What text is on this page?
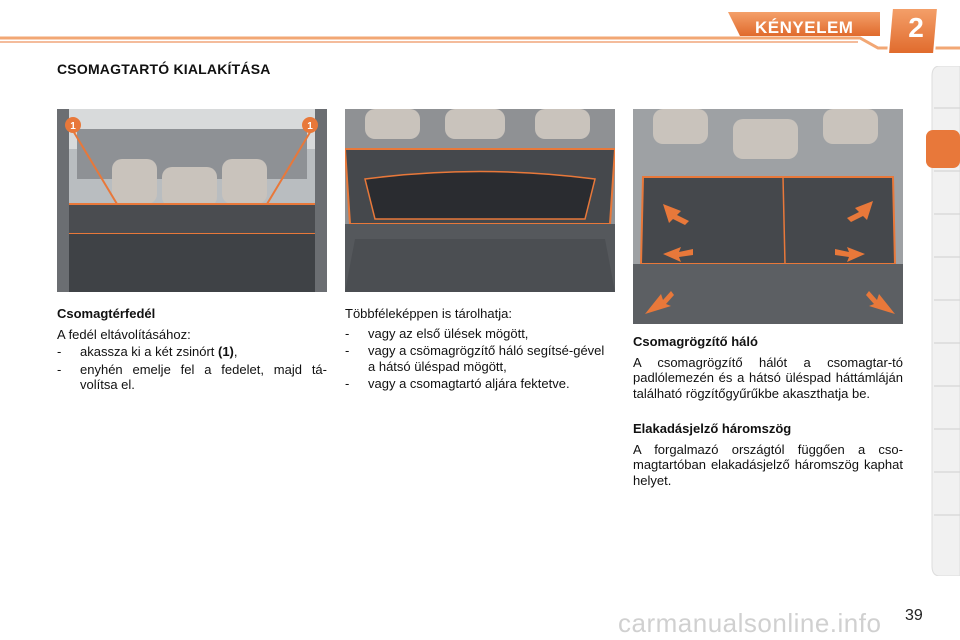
KÉNYELEM	2
CSOMAGTARTÓ KIALAKÍTÁSA
1	1

Csomagtérfedél

A fedél eltávolításához:

- akassza ki a két zsinórt (1),
- enyhén emelje fel a fedelet, majd tá-volítsa el.

Többféleképpen is tárolhatja:

- vagy az első ülések mögött,
- vagy a csömagrögzítő háló segítsé-gével a hátsó üléspad mögött,
- vagy a csomagtartó aljára fektetve.

Csomagrögzítő háló

A csomagrögzítő hálót a csomagtar-tó padlólemezén és a hátsó üléspad háttámláján található rögzítőgyűrűkbe akaszthatja be.

Elakadásjelző háromszög

A forgalmazó országtól függően a cso-magtartóban elakadásjelző háromszög kaphat helyet.

39
carmanualsonline.info
